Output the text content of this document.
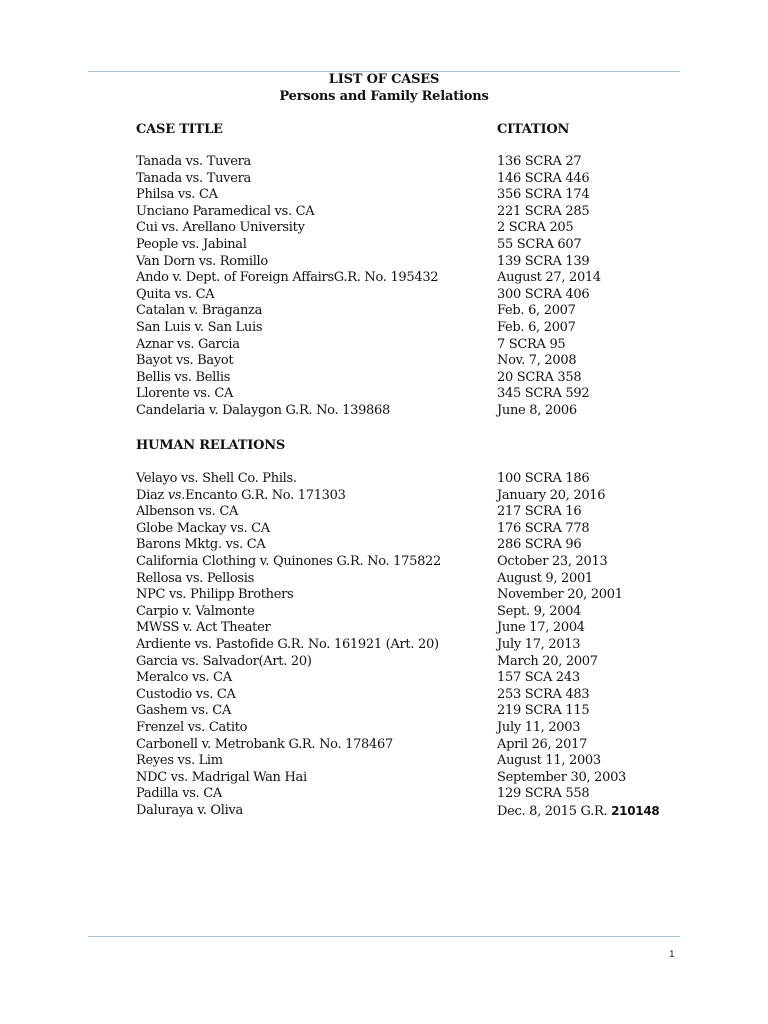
LIST OF CASES
Persons and Family Relations
CASE TITLE	CITATION
Tanada vs. Tuvera	136 SCRA 27
Tanada vs. Tuvera	146 SCRA 446
Philsa vs. CA	356 SCRA 174
Unciano Paramedical vs. CA	221 SCRA 285
Cui vs. Arellano University	2 SCRA 205
People vs. Jabinal	55 SCRA 607
Van Dorn vs. Romillo	139 SCRA 139
Ando v. Dept. of Foreign AffairsG.R. No. 195432	August 27, 2014
Quita vs. CA	300 SCRA 406
Catalan v. Braganza	Feb. 6, 2007
San Luis v. San Luis	Feb. 6, 2007
Aznar vs. Garcia	7 SCRA 95
Bayot vs. Bayot	Nov. 7, 2008
Bellis vs. Bellis	20 SCRA 358
Llorente vs. CA	345 SCRA 592
Candelaria v. Dalaygon G.R. No. 139868	June 8, 2006
HUMAN RELATIONS
Velayo vs. Shell Co. Phils.	100 SCRA 186
Diaz vs.Encanto G.R. No. 171303	January 20, 2016
Albenson vs. CA	217 SCRA 16
Globe Mackay vs. CA	176 SCRA 778
Barons Mktg. vs. CA	286 SCRA 96
California Clothing v. Quinones G.R. No. 175822	October 23, 2013
Rellosa vs. Pellosis	August 9, 2001
NPC vs. Philipp Brothers	November 20, 2001
Carpio v. Valmonte	Sept. 9, 2004
MWSS v. Act Theater	June 17, 2004
Ardiente vs. Pastofide G.R. No. 161921 (Art. 20)	July 17, 2013
Garcia vs. Salvador(Art. 20)	March 20, 2007
Meralco vs. CA	157 SCA 243
Custodio vs. CA	253 SCRA 483
Gashem vs. CA	219 SCRA 115
Frenzel vs. Catito	July 11, 2003
Carbonell v. Metrobank G.R. No. 178467	April 26, 2017
Reyes vs. Lim	August 11, 2003
NDC vs. Madrigal Wan Hai	September 30, 2003
Padilla vs. CA	129 SCRA 558
Daluraya v. Oliva	Dec. 8, 2015 G.R. 210148
1
